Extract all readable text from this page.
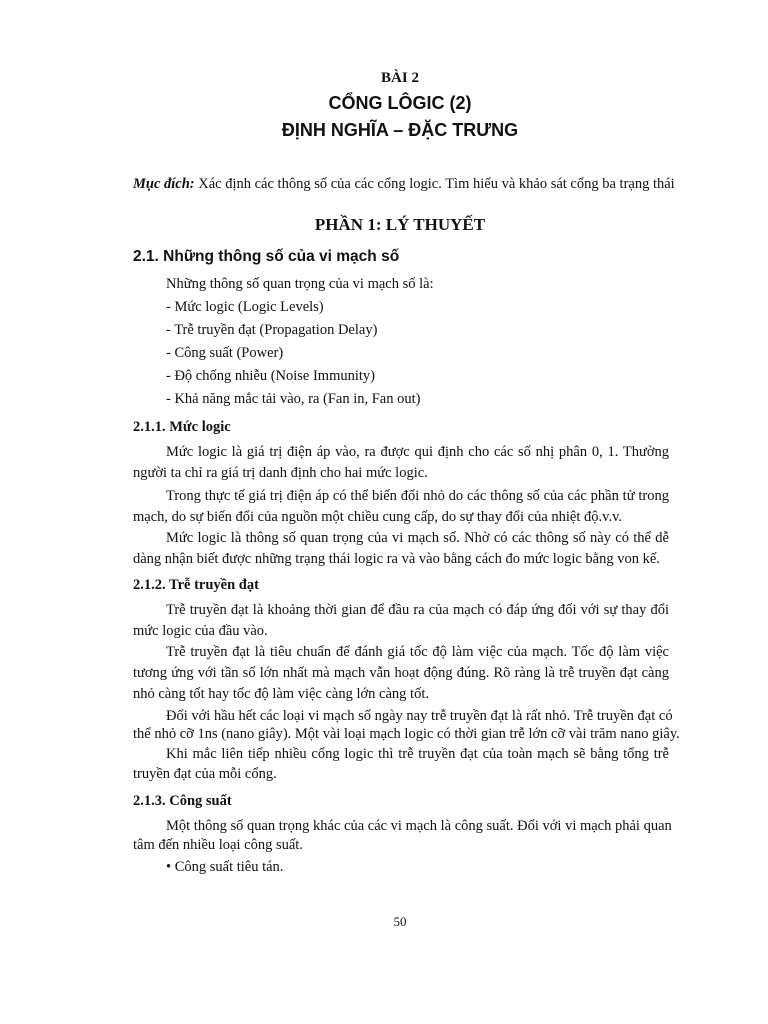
BÀI 2
CỔNG LÔGIC (2)
ĐỊNH NGHĨA – ĐẶC TRƯNG
Mục đích: Xác định các thông số của các cổng logic. Tìm hiểu và khảo sát cổng ba trạng thái
PHẦN 1: LÝ THUYẾT
2.1. Những thông số của vi mạch số
Những thông số quan trọng của vi mạch số là:
- Mức logic (Logic Levels)
- Trễ truyền đạt (Propagation Delay)
- Công suất (Power)
- Độ chống nhiễu (Noise Immunity)
- Khả năng mắc tải vào, ra (Fan in, Fan out)
2.1.1. Mức logic
Mức logic là giá trị điện áp vào, ra được qui định cho các số nhị phân 0, 1. Thường
người ta chỉ ra giá trị danh định cho hai mức logic.
Trong thực tế giá trị điện áp có thể biến đổi nhỏ do các thông số của các phần tử trong
mạch, do sự biến đổi của nguồn một chiều cung cấp, do sự thay đổi của nhiệt độ.v.v.
Mức logic là thông số quan trọng của vi mạch số. Nhờ có các thông số này có thể dễ
dàng nhận biết được những trạng thái logic ra và vào bằng cách đo mức logic bằng von kế.
2.1.2. Trễ truyền đạt
Trễ truyền đạt là khoảng thời gian để đầu ra của mạch có đáp ứng đối với sự thay đổi
mức logic của đầu vào.
Trễ truyền đạt là tiêu chuẩn để đánh giá tốc độ làm việc của mạch. Tốc độ làm việc
tương ứng với tần số lớn nhất mà mạch vẫn hoạt động đúng. Rõ ràng là trễ truyền đạt càng
nhỏ càng tốt hay tốc độ làm việc càng lớn càng tốt.
Đối với hầu hết các loại vi mạch số ngày nay trễ truyền đạt là rất nhỏ. Trễ truyền đạt có
thể nhỏ cỡ 1ns (nano giây). Một vài loại mạch logic có thời gian trễ lớn cỡ vài trăm nano giây.
Khi mắc liên tiếp nhiều cổng logic thì trễ truyền đạt của toàn mạch sẽ bằng tổng trễ
truyền đạt của mỗi cổng.
2.1.3. Công suất
Một thông số quan trọng khác của các vi mạch là công suất. Đối với vi mạch phải quan
tâm đến nhiều loại công suất.
• Công suất tiêu tán.
50
